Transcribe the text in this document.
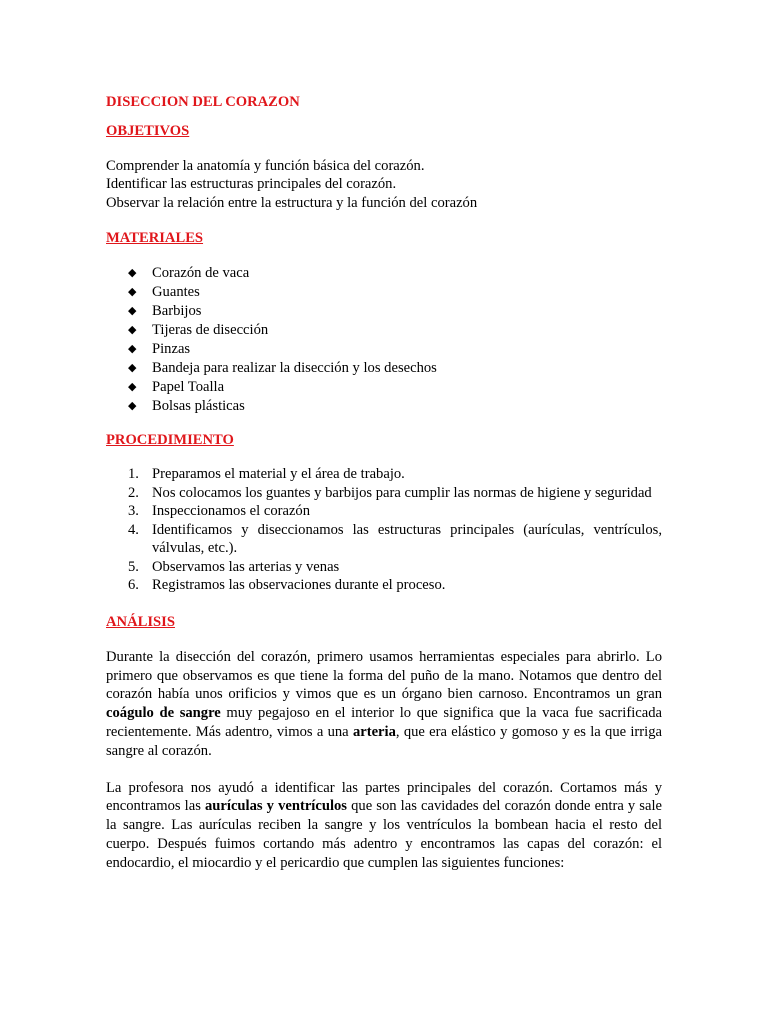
DISECCION DEL CORAZON
OBJETIVOS
Comprender la anatomía y función básica del corazón.
Identificar las estructuras principales del corazón.
Observar la relación entre la estructura y la función del corazón
MATERIALES
◆ Corazón de vaca
◆ Guantes
◆ Barbijos
◆ Tijeras de disección
◆ Pinzas
◆ Bandeja para realizar la disección y los desechos
◆ Papel Toalla
◆ Bolsas plásticas
PROCEDIMIENTO
1. Preparamos el material y el área de trabajo.
2. Nos colocamos los guantes y barbijos para cumplir las normas de higiene y seguridad
3. Inspeccionamos el corazón
4. Identificamos y diseccionamos las estructuras principales (aurículas, ventrículos, válvulas, etc.).
5. Observamos las arterias y venas
6. Registramos las observaciones durante el proceso.
ANÁLISIS

Durante la disección del corazón, primero usamos herramientas especiales para abrirlo. Lo primero que observamos es que tiene la forma del puño de la mano. Notamos que dentro del corazón había unos orificios y vimos que es un órgano bien carnoso. Encontramos un gran coágulo de sangre muy pegajoso en el interior lo que significa que la vaca fue sacrificada recientemente. Más adentro, vimos a una arteria, que era elástico y gomoso y es la que irriga sangre al corazón.

La profesora nos ayudó a identificar las partes principales del corazón. Cortamos más y encontramos las aurículas y ventrículos que son las cavidades del corazón donde entra y sale la sangre. Las aurículas reciben la sangre y los ventrículos la bombean hacia el resto del cuerpo. Después fuimos cortando más adentro y encontramos las capas del corazón: el endocardio, el miocardio y el pericardio que cumplen las siguientes funciones:
